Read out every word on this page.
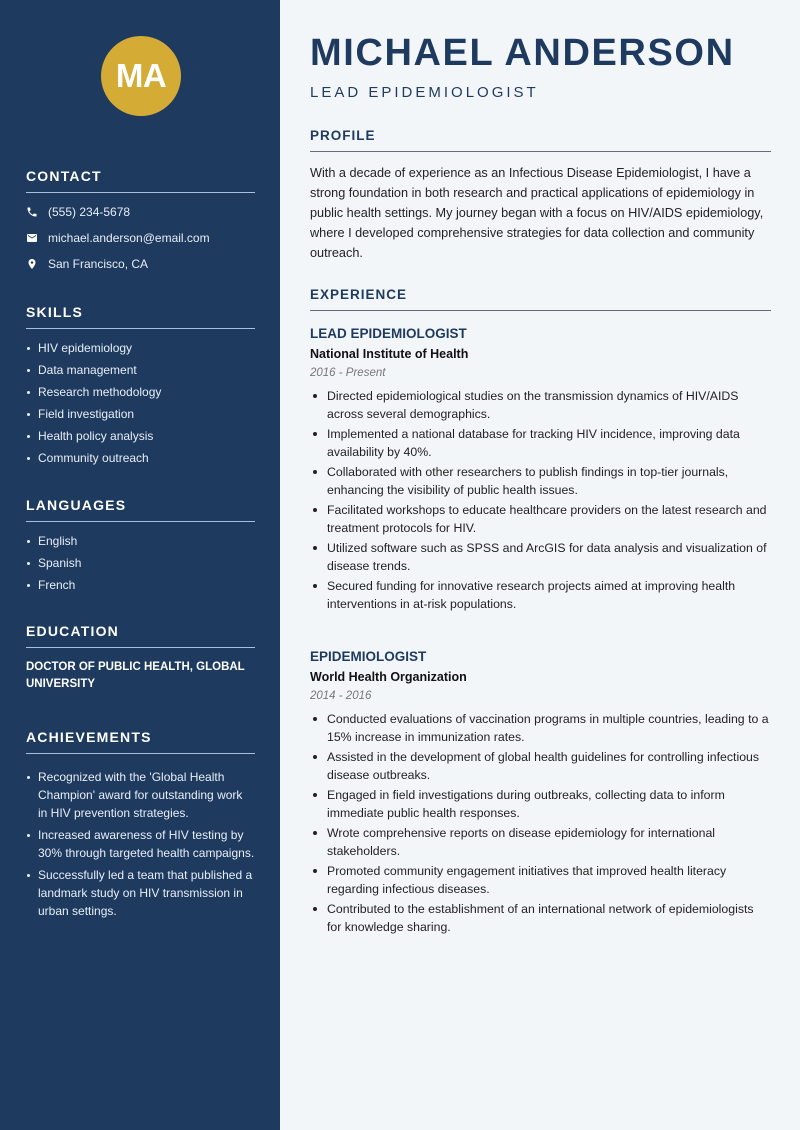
MA
CONTACT
(555) 234-5678
michael.anderson@email.com
San Francisco, CA
SKILLS
HIV epidemiology
Data management
Research methodology
Field investigation
Health policy analysis
Community outreach
LANGUAGES
English
Spanish
French
EDUCATION
DOCTOR OF PUBLIC HEALTH, GLOBAL UNIVERSITY
ACHIEVEMENTS
Recognized with the 'Global Health Champion' award for outstanding work in HIV prevention strategies.
Increased awareness of HIV testing by 30% through targeted health campaigns.
Successfully led a team that published a landmark study on HIV transmission in urban settings.
MICHAEL ANDERSON
LEAD EPIDEMIOLOGIST
PROFILE

With a decade of experience as an Infectious Disease Epidemiologist, I have a strong foundation in both research and practical applications of epidemiology in public health settings. My journey began with a focus on HIV/AIDS epidemiology, where I developed comprehensive strategies for data collection and community outreach.

EXPERIENCE
LEAD EPIDEMIOLOGIST
National Institute of Health
2016 - Present
Directed epidemiological studies on the transmission dynamics of HIV/AIDS across several demographics.
Implemented a national database for tracking HIV incidence, improving data availability by 40%.
Collaborated with other researchers to publish findings in top-tier journals, enhancing the visibility of public health issues.
Facilitated workshops to educate healthcare providers on the latest research and treatment protocols for HIV.
Utilized software such as SPSS and ArcGIS for data analysis and visualization of disease trends.
Secured funding for innovative research projects aimed at improving health interventions in at-risk populations.
EPIDEMIOLOGIST
World Health Organization
2014 - 2016
Conducted evaluations of vaccination programs in multiple countries, leading to a 15% increase in immunization rates.
Assisted in the development of global health guidelines for controlling infectious disease outbreaks.
Engaged in field investigations during outbreaks, collecting data to inform immediate public health responses.
Wrote comprehensive reports on disease epidemiology for international stakeholders.
Promoted community engagement initiatives that improved health literacy regarding infectious diseases.
Contributed to the establishment of an international network of epidemiologists for knowledge sharing.
